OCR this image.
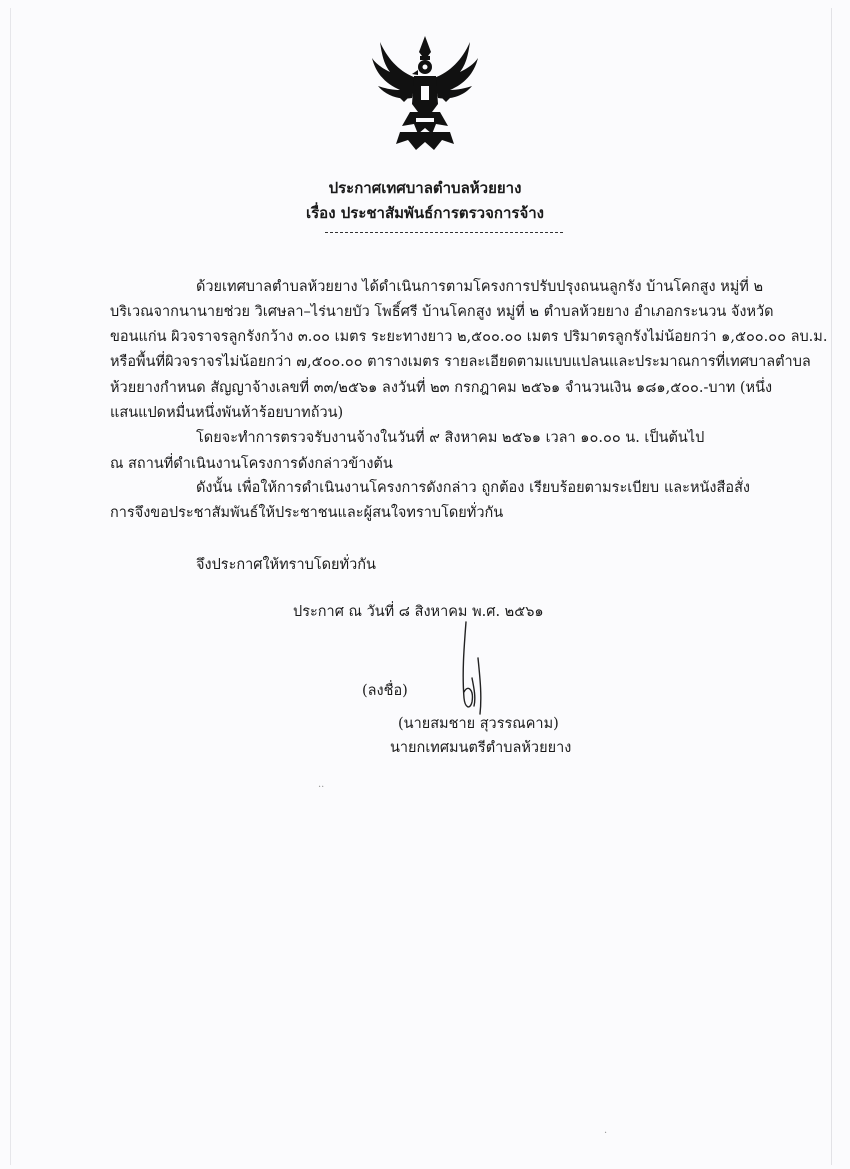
ประกาศเทศบาลตำบลห้วยยาง
เรื่อง ประชาสัมพันธ์การตรวจการจ้าง
ด้วยเทศบาลตำบลห้วยยาง ได้ดำเนินการตามโครงการปรับปรุงถนนลูกรัง บ้านโคกสูง หมู่ที่ ๒
บริเวณจากนานายช่วย วิเศษลา–ไร่นายบัว โพธิ์ศรี บ้านโคกสูง หมู่ที่ ๒ ตำบลห้วยยาง อำเภอกระนวน จังหวัด
ขอนแก่น ผิวจราจรลูกรังกว้าง ๓.๐๐ เมตร ระยะทางยาว ๒,๕๐๐.๐๐ เมตร ปริมาตรลูกรังไม่น้อยกว่า ๑,๕๐๐.๐๐ ลบ.ม.
หรือพื้นที่ผิวจราจรไม่น้อยกว่า ๗,๕๐๐.๐๐ ตารางเมตร รายละเอียดตามแบบแปลนและประมาณการที่เทศบาลตำบล
ห้วยยางกำหนด สัญญาจ้างเลขที่ ๓๓/๒๕๖๑ ลงวันที่ ๒๓ กรกฎาคม ๒๕๖๑ จำนวนเงิน ๑๘๑,๕๐๐.-บาท (หนึ่ง
แสนแปดหมื่นหนึ่งพันห้าร้อยบาทถ้วน)
โดยจะทำการตรวจรับงานจ้างในวันที่ ๙ สิงหาคม ๒๕๖๑ เวลา ๑๐.๐๐ น. เป็นต้นไป
ณ สถานที่ดำเนินงานโครงการดังกล่าวข้างต้น
ดังนั้น เพื่อให้การดำเนินงานโครงการดังกล่าว ถูกต้อง เรียบร้อยตามระเบียบ และหนังสือสั่ง
การจึงขอประชาสัมพันธ์ให้ประชาชนและผู้สนใจทราบโดยทั่วกัน
จึงประกาศให้ทราบโดยทั่วกัน
ประกาศ ณ วันที่ ๘ สิงหาคม พ.ศ. ๒๕๖๑
(ลงชื่อ)
(นายสมชาย สุวรรณคาม)
นายกเทศมนตรีตำบลห้วยยาง
··
·
